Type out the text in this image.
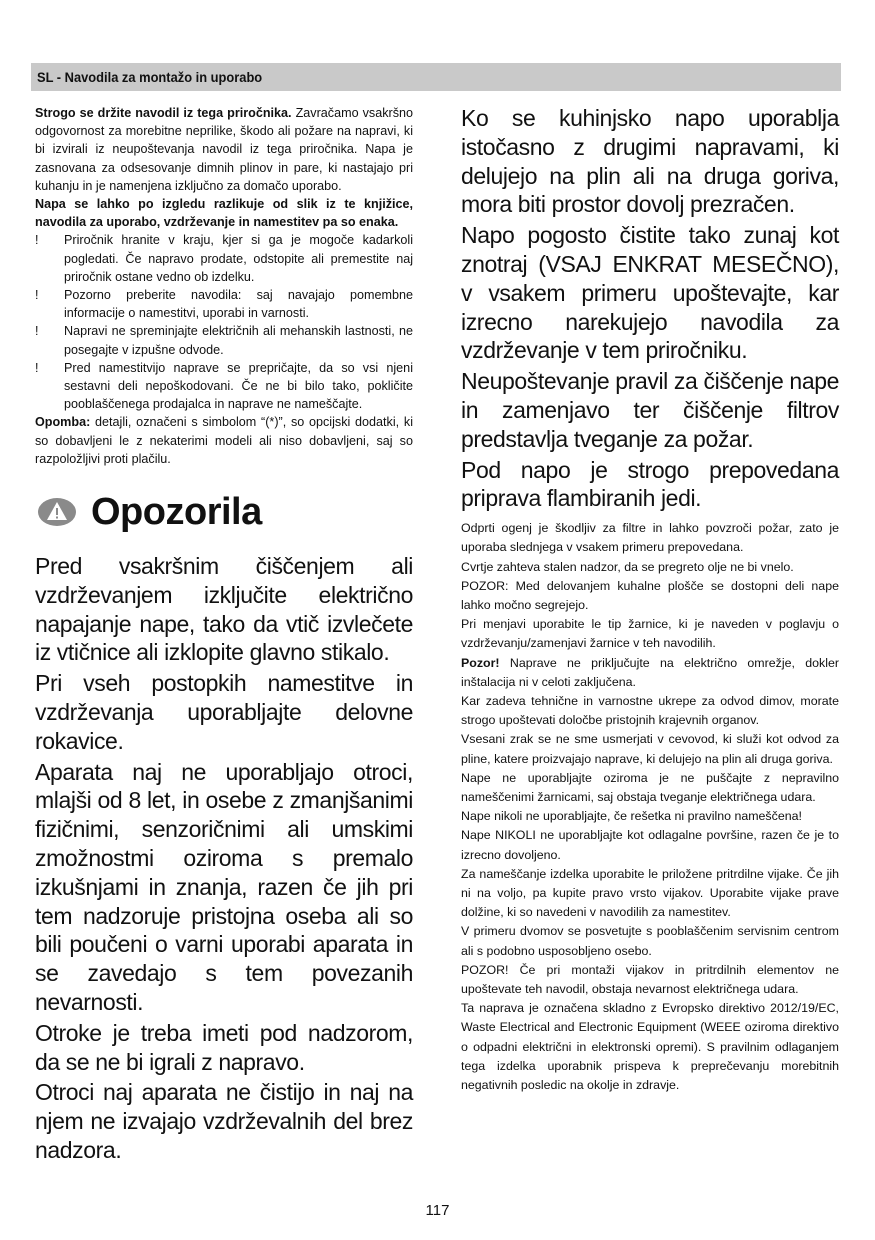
SL - Navodila za montažo in uporabo

Strogo se držite navodil iz tega priročnika. Zavračamo vsakršno odgovornost za morebitne neprilike, škodo ali požare na napravi, ki bi izvirali iz neupoštevanja navodil iz tega priročnika. Napa je zasnovana za odsesovanje dimnih plinov in pare, ki nastajajo pri kuhanju in je namenjena izključno za domačo uporabo.

Napa se lahko po izgledu razlikuje od slik iz te knjižice, navodila za uporabo, vzdrževanje in namestitev pa so enaka.

! Priročnik hranite v kraju, kjer si ga je mogoče kadarkoli pogledati. Če napravo prodate, odstopite ali premestite naj priročnik ostane vedno ob izdelku.
! Pozorno preberite navodila: saj navajajo pomembne informacije o namestitvi, uporabi in varnosti.
! Napravi ne spreminjajte električnih ali mehanskih lastnosti, ne posegajte v izpušne odvode.
! Pred namestitvijo naprave se prepričajte, da so vsi njeni sestavni deli nepoškodovani. Če ne bi bilo tako, pokličite pooblaščenega prodajalca in naprave ne nameščajte.

Opomba: detajli, označeni s simbolom “(*)”, so opcijski dodatki, ki so dobavljeni le z nekaterimi modeli ali niso dobavljeni, saj so razpoložljivi proti plačilu.

Opozorila

Pred vsakršnim čiščenjem ali vzdrževanjem izključite električno napajanje nape, tako da vtič izvlečete iz vtičnice ali izklopite glavno stikalo.

Pri vseh postopkih namestitve in vzdrževanja uporabljajte delovne rokavice.

Aparata naj ne uporabljajo otroci, mlajši od 8 let, in osebe z zmanjšanimi fizičnimi, senzoričnimi ali umskimi zmožnostmi oziroma s premalo izkušnjami in znanja, razen če jih pri tem nadzoruje pristojna oseba ali so bili poučeni o varni uporabi aparata in se zavedajo s tem povezanih nevarnosti.

Otroke je treba imeti pod nadzorom, da se ne bi igrali z napravo.

Otroci naj aparata ne čistijo in naj na njem ne izvajajo vzdrževalnih del brez nadzora.

Ko se kuhinjsko napo uporablja istočasno z drugimi napravami, ki delujejo na plin ali na druga goriva, mora biti prostor dovolj prezračen.

Napo pogosto čistite tako zunaj kot znotraj (VSAJ ENKRAT MESEČNO), v vsakem primeru upoštevajte, kar izrecno narekujejo navodila za vzdrževanje v tem priročniku.

Neupoštevanje pravil za čiščenje nape in zamenjavo ter čiščenje filtrov predstavlja tveganje za požar.

Pod napo je strogo prepovedana priprava flambiranih jedi.

Odprti ogenj je škodljiv za filtre in lahko povzroči požar, zato je uporaba slednjega v vsakem primeru prepovedana.

Cvrtje zahteva stalen nadzor, da se pregreto olje ne bi vnelo.

POZOR: Med delovanjem kuhalne plošče se dostopni deli nape lahko močno segrejejo.

Pri menjavi uporabite le tip žarnice, ki je naveden v poglavju o vzdrževanju/zamenjavi žarnice v teh navodilih.

Pozor! Naprave ne priključujte na električno omrežje, dokler inštalacija ni v celoti zaključena.

Kar zadeva tehnične in varnostne ukrepe za odvod dimov, morate strogo upoštevati določbe pristojnih krajevnih organov.

Vsesani zrak se ne sme usmerjati v cevovod, ki služi kot odvod za pline, katere proizvajajo naprave, ki delujejo na plin ali druga goriva.

Nape ne uporabljajte oziroma je ne puščajte z nepravilno nameščenimi žarnicami, saj obstaja tveganje električnega udara.

Nape nikoli ne uporabljajte, če rešetka ni pravilno nameščena!

Nape NIKOLI ne uporabljajte kot odlagalne površine, razen če je to izrecno dovoljeno.

Za nameščanje izdelka uporabite le priložene pritrdilne vijake. Če jih ni na voljo, pa kupite pravo vrsto vijakov. Uporabite vijake prave dolžine, ki so navedeni v navodilih za namestitev.

V primeru dvomov se posvetujte s pooblaščenim servisnim centrom ali s podobno usposobljeno osebo.

POZOR! Če pri montaži vijakov in pritrdilnih elementov ne upoštevate teh navodil, obstaja nevarnost električnega udara.

Ta naprava je označena skladno z Evropsko direktivo 2012/19/EC, Waste Electrical and Electronic Equipment (WEEE oziroma direktivo o odpadni električni in elektronski opremi). S pravilnim odlaganjem tega izdelka uporabnik prispeva k preprečevanju morebitnih negativnih posledic na okolje in zdravje.

117
